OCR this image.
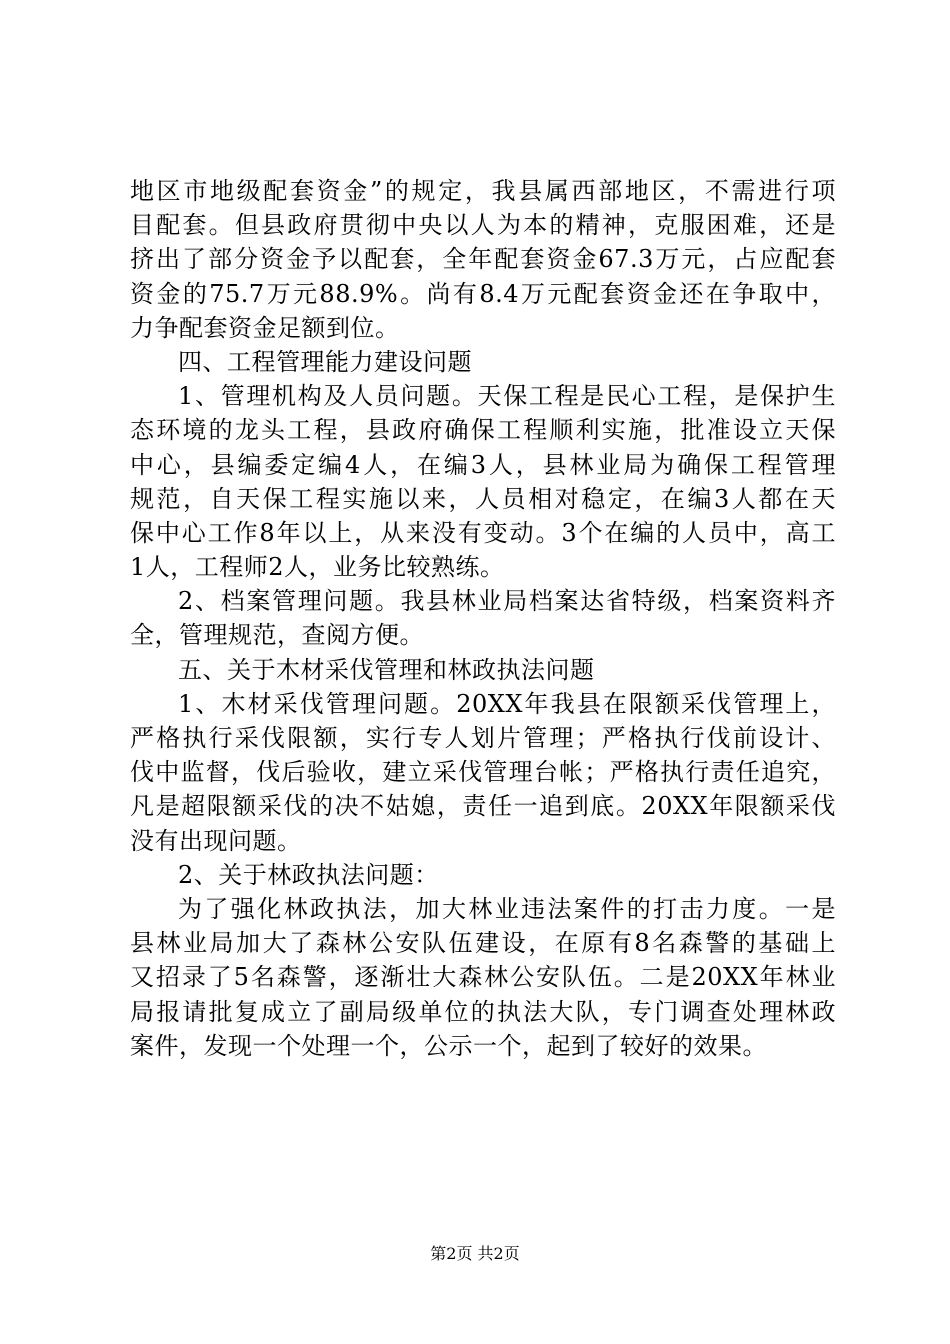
地区市地级配套资金”的规定，我县属西部地区，不需进行项
目配套。但县政府贯彻中央以人为本的精神，克服困难，还是
挤出了部分资金予以配套，全年配套资金67.3万元，占应配套
资金的75.7万元88.9%。尚有8.4万元配套资金还在争取中，
力争配套资金足额到位。
四、工程管理能力建设问题
1、管理机构及人员问题。天保工程是民心工程，是保护生
态环境的龙头工程，县政府确保工程顺利实施，批准设立天保
中心，县编委定编4人，在编3人，县林业局为确保工程管理
规范，自天保工程实施以来，人员相对稳定，在编3人都在天
保中心工作8年以上，从来没有变动。3个在编的人员中，高工
1人，工程师2人，业务比较熟练。
2、档案管理问题。我县林业局档案达省特级，档案资料齐
全，管理规范，查阅方便。
五、关于木材采伐管理和林政执法问题
1、木材采伐管理问题。20XX年我县在限额采伐管理上，
严格执行采伐限额，实行专人划片管理；严格执行伐前设计、
伐中监督，伐后验收，建立采伐管理台帐；严格执行责任追究，
凡是超限额采伐的决不姑媳，责任一追到底。20XX年限额采伐
没有出现问题。
2、关于林政执法问题：
为了强化林政执法，加大林业违法案件的打击力度。一是
县林业局加大了森林公安队伍建设，在原有8名森警的基础上
又招录了5名森警，逐渐壮大森林公安队伍。二是20XX年林业
局报请批复成立了副局级单位的执法大队，专门调查处理林政
案件，发现一个处理一个，公示一个，起到了较好的效果。
第2页 共2页
